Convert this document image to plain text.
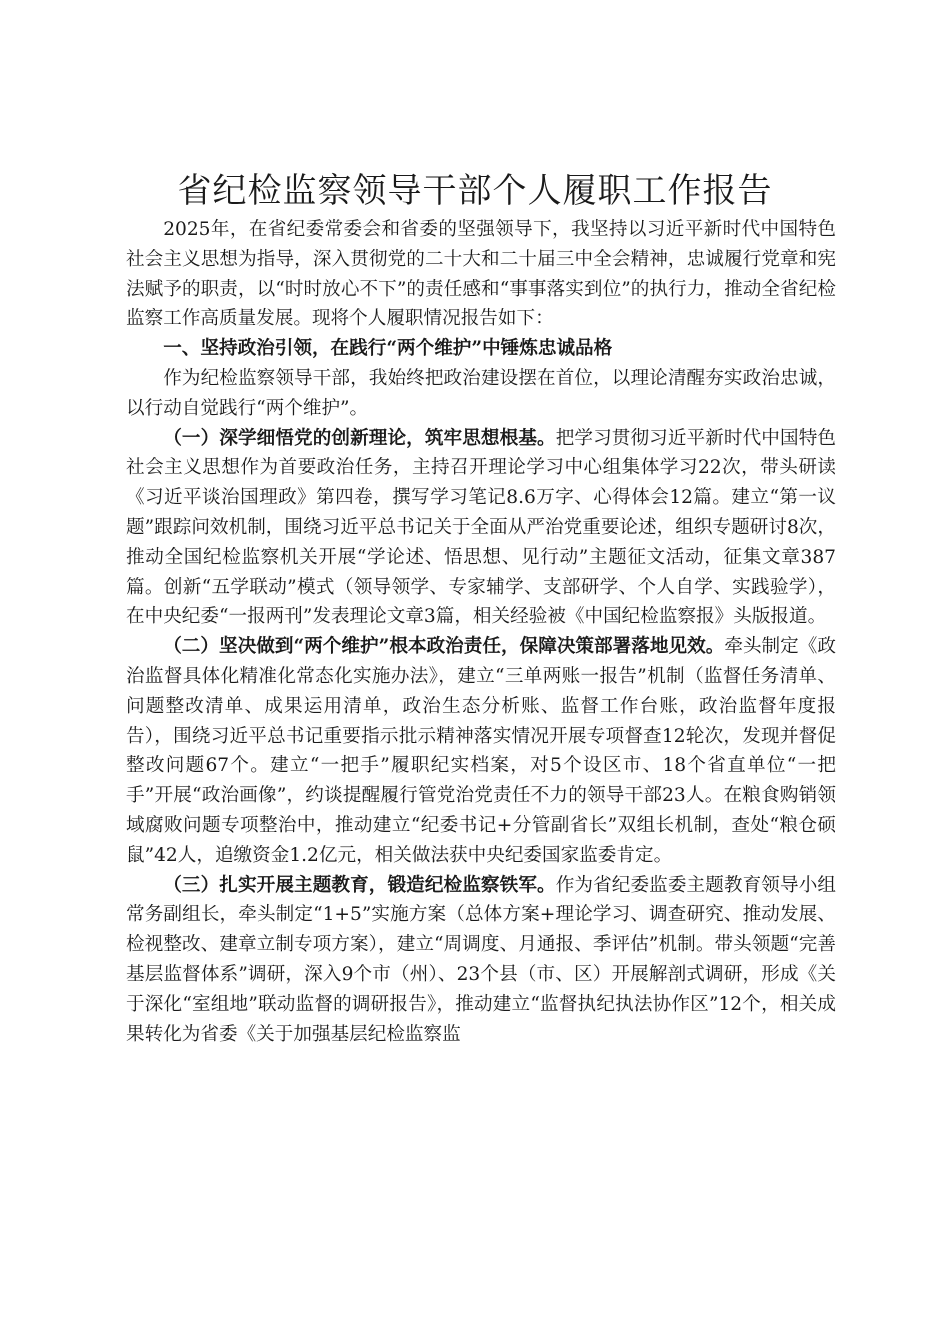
省纪检监察领导干部个人履职工作报告

2025年，在省纪委常委会和省委的坚强领导下，我坚持以习近平新时代中国特色社会主义思想为指导，深入贯彻党的二十大和二十届三中全会精神，忠诚履行党章和宪法赋予的职责，以“时时放心不下”的责任感和“事事落实到位”的执行力，推动全省纪检监察工作高质量发展。现将个人履职情况报告如下：

一、坚持政治引领，在践行“两个维护”中锤炼忠诚品格

作为纪检监察领导干部，我始终把政治建设摆在首位，以理论清醒夯实政治忠诚，以行动自觉践行“两个维护”。

（一）深学细悟党的创新理论，筑牢思想根基。把学习贯彻习近平新时代中国特色社会主义思想作为首要政治任务，主持召开理论学习中心组集体学习22次，带头研读《习近平谈治国理政》第四卷，撰写学习笔记8.6万字、心得体会12篇。建立“第一议题”跟踪问效机制，围绕习近平总书记关于全面从严治党重要论述，组织专题研讨8次，推动全国纪检监察机关开展“学论述、悟思想、见行动”主题征文活动，征集文章387篇。创新“五学联动”模式（领导领学、专家辅学、支部研学、个人自学、实践验学），在中央纪委“一报两刊”发表理论文章3篇，相关经验被《中国纪检监察报》头版报道。

（二）坚决做到“两个维护”根本政治责任，保障决策部署落地见效。牵头制定《政治监督具体化精准化常态化实施办法》，建立“三单两账一报告”机制（监督任务清单、问题整改清单、成果运用清单，政治生态分析账、监督工作台账，政治监督年度报告），围绕习近平总书记重要指示批示精神落实情况开展专项督查12轮次，发现并督促整改问题67个。建立“一把手”履职纪实档案，对5个设区市、18个省直单位“一把手”开展“政治画像”，约谈提醒履行管党治党责任不力的领导干部23人。在粮食购销领域腐败问题专项整治中，推动建立“纪委书记+分管副省长”双组长机制，查处“粮仓硕鼠”42人，追缴资金1.2亿元，相关做法获中央纪委国家监委肯定。

（三）扎实开展主题教育，锻造纪检监察铁军。作为省纪委监委主题教育领导小组常务副组长，牵头制定“1+5”实施方案（总体方案+理论学习、调查研究、推动发展、检视整改、建章立制专项方案），建立“周调度、月通报、季评估”机制。带头领题“完善基层监督体系”调研，深入9个市（州）、23个县（市、区）开展解剖式调研，形成《关于深化“室组地”联动监督的调研报告》，推动建立“监督执纪执法协作区”12个，相关成果转化为省委《关于加强基层纪检监察监
